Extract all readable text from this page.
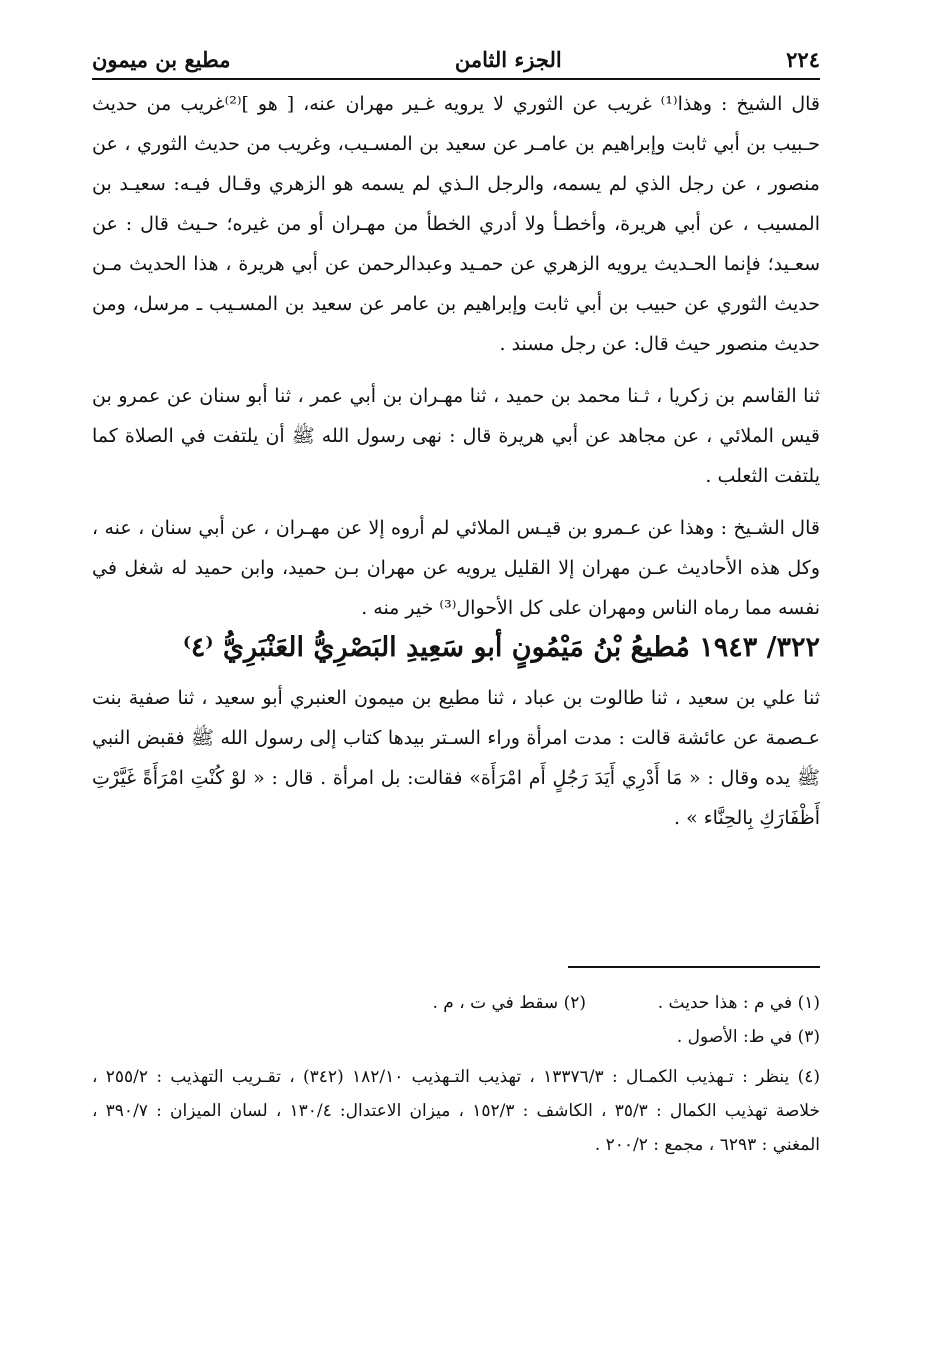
٢٢٤
الجزء الثامن
مطيع بن ميمون

قال الشيخ : وهذا⁽¹⁾ غريب عن الثوري لا يرويه غـير مهران عنه، [ هو ]⁽²⁾غريب من حديث حـبيب بن أبي ثابت وإبراهيم بن عامـر عن سعيد بن المسـيب، وغريب من حديث الثوري ، عن منصور ، عن رجل الذي لم يسمه، والرجل الـذي لم يسمه هو الزهري وقـال فيـه: سعيـد بن المسيب ، عن أبي هريرة، وأخطـأ ولا أدري الخطأ من مهـران أو من غيره؛ حـيث قال : عن سعـيد؛ فإنما الحـديث يرويه الزهري عن حمـيد وعبدالرحمن عن أبي هريرة ، هذا الحديث مـن حديث الثوري عن حبيب بن أبي ثابت وإبراهيم بن عامر عن سعيد بن المسـيب ـ مرسل، ومن حديث منصور حيث قال: عن رجل مسند .

ثنا القاسم بن زكريا ، ثـنا محمد بن حميد ، ثنا مهـران بن أبي عمر ، ثنا أبو سنان عن عمرو بن قيس الملائي ، عن مجاهد عن أبي هريرة قال : نهى رسول الله ﷺ أن يلتفت في الصلاة كما يلتفت الثعلب .

قال الشـيخ : وهذا عن عـمرو بن قيـس الملائي لم أروه إلا عن مهـران ، عن أبي سنان ، عنه ، وكل هذه الأحاديث عـن مهران إلا القليل يرويه عن مهران بـن حميد، وابن حميد له شغل في نفسه مما رماه الناس ومهران على كل الأحوال⁽³⁾ خير منه .

٣٢٢/ ١٩٤٣ مُطيعُ بْنُ مَيْمُونٍ أبو سَعِيدِ البَصْرِيُّ العَنْبَرِيُّ ⁽٤⁾

ثنا علي بن سعيد ، ثنا طالوت بن عباد ، ثنا مطيع بن ميمون العنبري أبو سعيد ، ثنا صفية بنت عـصمة عن عائشة قالت : مدت امرأة وراء السـتر بيدها كتاب إلى رسول الله ﷺ فقبض النبي ﷺ يده وقال : « مَا أَدْرِي أَيَدَ رَجُلٍ أَم امْرَأَة» فقالت: بل امرأة . قال : « لوْ كُنْتِ امْرَأَةً غَيَّرْتِ أَظْفَارَكِ بِالحِنَّاء » .

(١) في م : هذا حديث .
(٢) سقط في ت ، م .
(٣) في ط: الأصول .
(٤) ينظر : تـهذيب الكمـال : ١٣٣٧٦/٣ ، تهذيب التـهذيب ١٨٢/١٠ (٣٤٢) ، تقـريب التهذيب : ٢٥٥/٢ ، خلاصة تهذيب الكمال : ٣٥/٣ ، الكاشف : ١٥٢/٣ ، ميزان الاعتدال: ١٣٠/٤ ، لسان الميزان : ٣٩٠/٧ ، المغني : ٦٢٩٣ ، مجمع : ٢٠٠/٢ .
